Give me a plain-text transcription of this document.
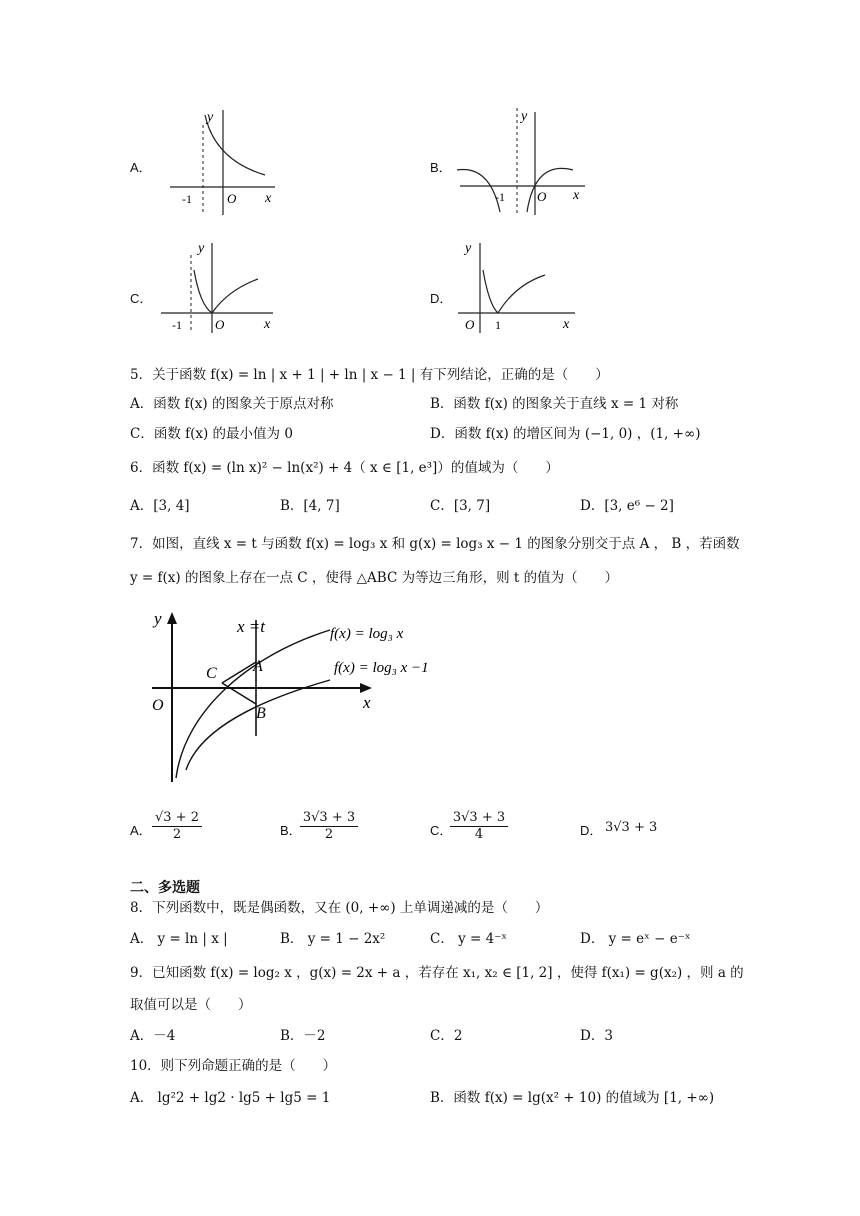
A．
y
x
O
-1
B．
y
x
O
-1
C．
y
x
O
-1
D．
y
x
O 1
5．关于函数 f(x) = ln | x + 1 | + ln | x − 1 | 有下列结论，正确的是（　　）
A．函数 f(x) 的图象关于原点对称	B．函数 f(x) 的图象关于直线 x = 1 对称
C．函数 f(x) 的最小值为 0	D．函数 f(x) 的增区间为 (−1, 0) ，(1, +∞)
6．函数 f(x) = (ln x)² − ln(x²) + 4（ x ∈ [1, e³]）的值域为（　　）
A．[3, 4]	B．[4, 7]	C．[3, 7]	D．[3, e⁶ − 2]
7．如图，直线 x = t 与函数 f(x) = log₃ x 和 g(x) = log₃ x − 1 的图象分别交于点 A ， B ，若函数
y = f(x) 的图象上存在一点 C ，使得 △ABC 为等边三角形，则 t 的值为（　　）
x =t
y
x
O
C A
B
f(x) = log₃ x
f(x) = log₃ x −1
A． $\frac{√3 + 2}{2}$	B．
$\frac{3√3 + 3}{2}$	C．
$\frac{3√3 + 3}{4}$	D． 3√3 + 3
二、多选题
8．下列函数中，既是偶函数，又在 (0, +∞) 上单调递减的是（　　）
A． y = ln | x |	B． y = 1 − 2x²	C． y = 4⁻ˣ	D． y = eˣ − e⁻ˣ
9．已知函数 f(x) = log₂ x ，g(x) = 2x + a ，若存在 x₁, x₂ ∈ [1, 2] ，使得 f(x₁) = g(x₂) ，则 a 的
取值可以是（　　）
A．－4	B．－2	C．2	D．3
10．则下列命题正确的是（　　）
A． lg²2 + lg2 · lg5 + lg5 = 1	B．函数 f(x) = lg(x² + 10) 的值域为 [1, +∞)
